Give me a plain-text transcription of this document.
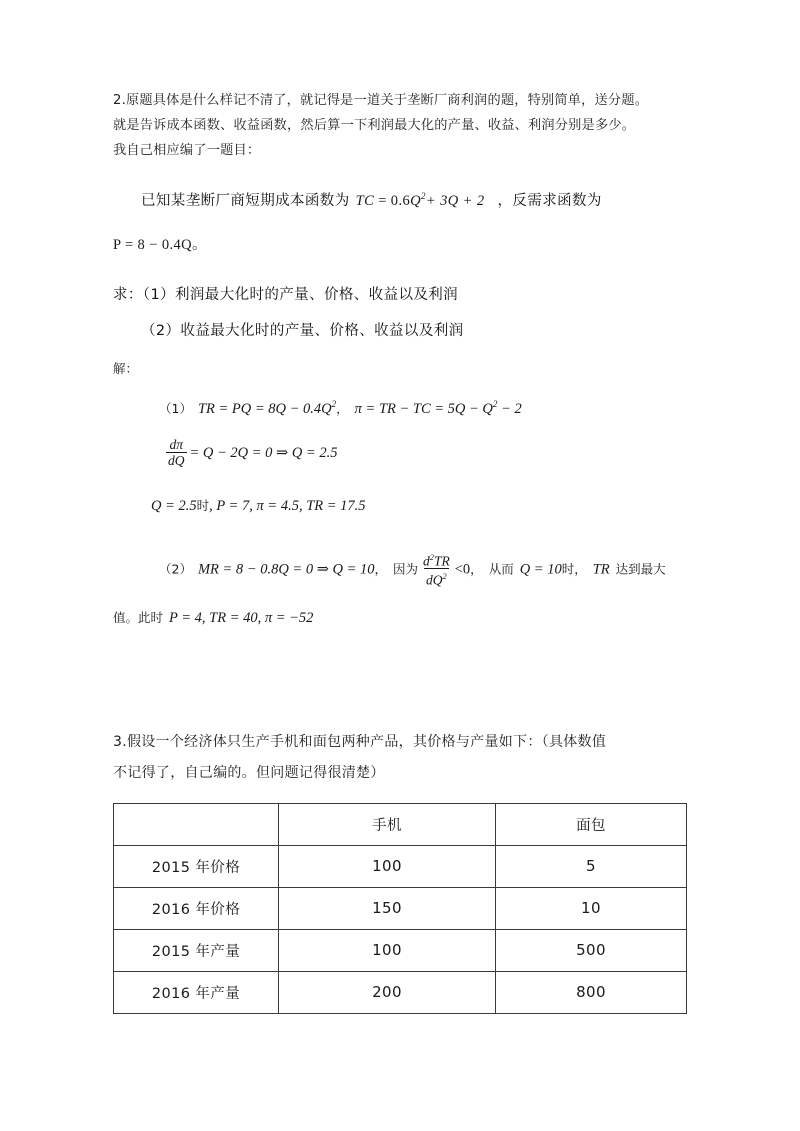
2.原题具体是什么样记不清了，就记得是一道关于垄断厂商利润的题，特别简单，送分题。
就是告诉成本函数、收益函数，然后算一下利润最大化的产量、收益、利润分别是多少。
我自己相应编了一题目：
已知某垄断厂商短期成本函数为 TC = $0.6Q^2+ 3Q + 2$ ，反需求函数为
P = 8 − 0.4Q。
求：（1）利润最大化时的产量、价格、收益以及利润
（2）收益最大化时的产量、价格、收益以及利润
解：
（1） TR = PQ = $8Q - 0.4Q^2$， π = TR − TC = $5Q - Q^2 - 2$
$\frac{d\pi}{dQ} = Q - 2Q = 0$ ⇒ Q = 2.5
Q = 2.5时, P = 7, π = 4.5, TR = 17.5
（2） MR = 8 − 0.8Q = 0 ⇒ Q = 10， 因为 $\frac{d^2TR}{dQ^2} <0$， 从而 Q = 10时， TR 达到最大
值。此时 P = 4, TR = 40, π = −52
3.假设一个经济体只生产手机和面包两种产品，其价格与产量如下：（具体数值
不记得了，自己编的。但问题记得很清楚）
	手机	面包
2015 年价格	100	5
2016 年价格	150	10
2015 年产量	100	500
2016 年产量	200	800
